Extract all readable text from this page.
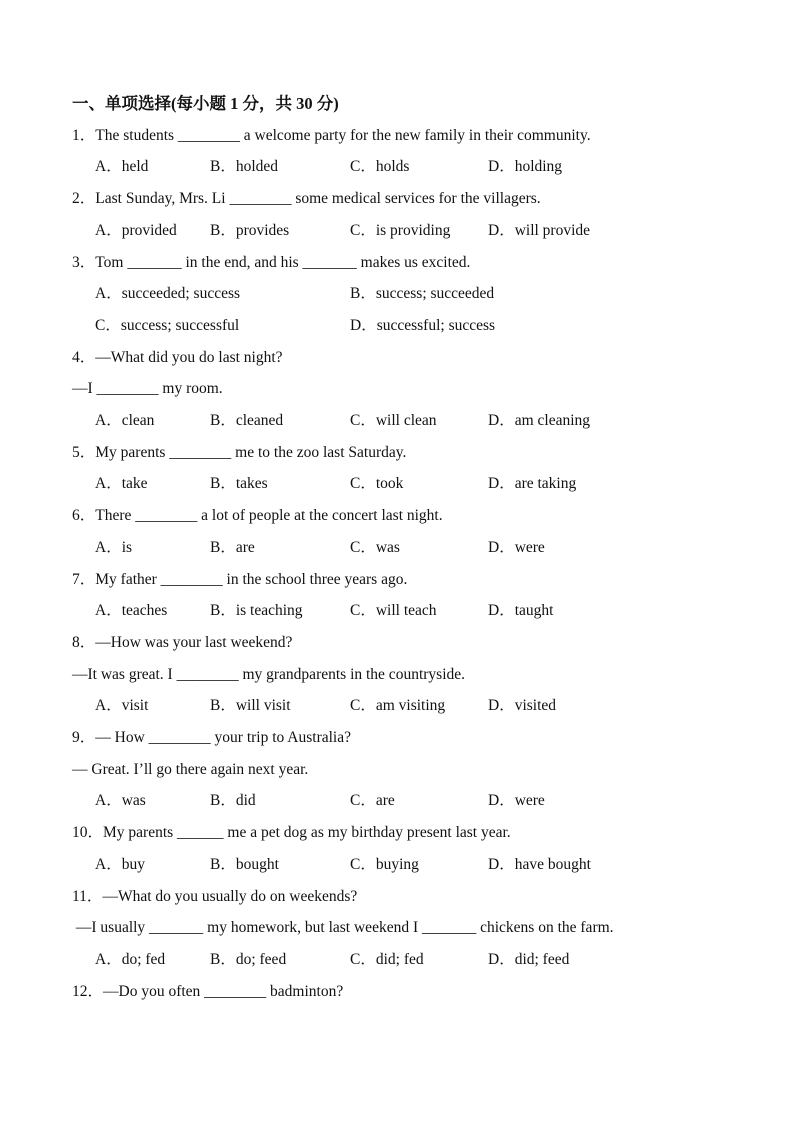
一、单项选择(每小题 1 分，共 30 分)
1．The students ________ a welcome party for the new family in their community.
A．held	B．holded	C．holds	D．holding
2．Last Sunday, Mrs. Li ________ some medical services for the villagers.
A．provided	B．provides	C．is providing	D．will provide
3．Tom _______ in the end, and his _______ makes us excited.
A．succeeded; success	B．success; succeeded
C．success; successful	D．successful; success
4．—What did you do last night?
—I ________ my room.
A．clean	B．cleaned	C．will clean	D．am cleaning
5．My parents ________ me to the zoo last Saturday.
A．take	B．takes	C．took	D．are taking
6．There ________ a lot of people at the concert last night.
A．is	B．are	C．was	D．were
7．My father ________ in the school three years ago.
A．teaches	B．is teaching	C．will teach	D．taught
8．—How was your last weekend?
—It was great. I ________ my grandparents in the countryside.
A．visit	B．will visit	C．am visiting	D．visited
9．— How ________ your trip to Australia?
— Great. I’ll go there again next year.
A．was	B．did	C．are	D．were
10．My parents ______ me a pet dog as my birthday present last year.
A．buy	B．bought	C．buying	D．have bought
11．—What do you usually do on weekends?
—I usually _______ my homework, but last weekend I _______ chickens on the farm.
A．do; fed	B．do; feed	C．did; fed	D．did; feed
12．—Do you often ________ badminton?
